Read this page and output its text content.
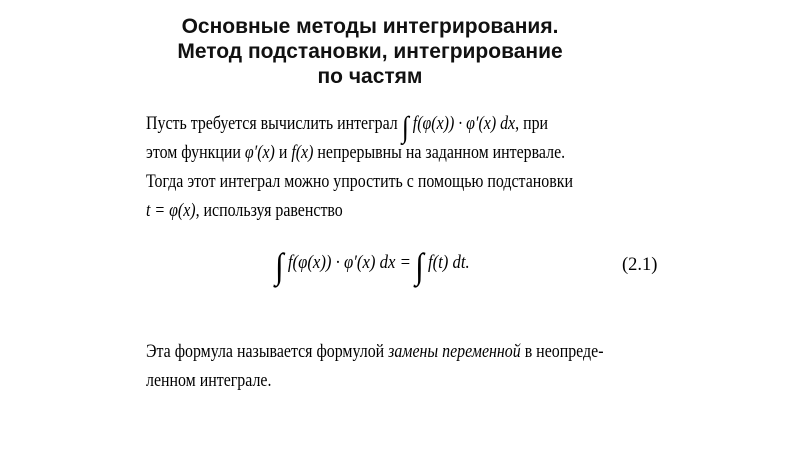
Основные методы интегрирования.
Метод подстановки, интегрирование
по частям
Пусть требуется вычислить интеграл ∫ f(φ(x)) · φ′(x) dx, при
этом функции φ′(x) и f(x) непрерывны на заданном интервале.
Тогда этот интеграл можно упростить с помощью подстановки
t = φ(x), используя равенство
∫ f(φ(x)) · φ′(x) dx = ∫ f(t) dt.	(2.1)
Эта формула называется формулой замены переменной в неопреде-
ленном интеграле.
